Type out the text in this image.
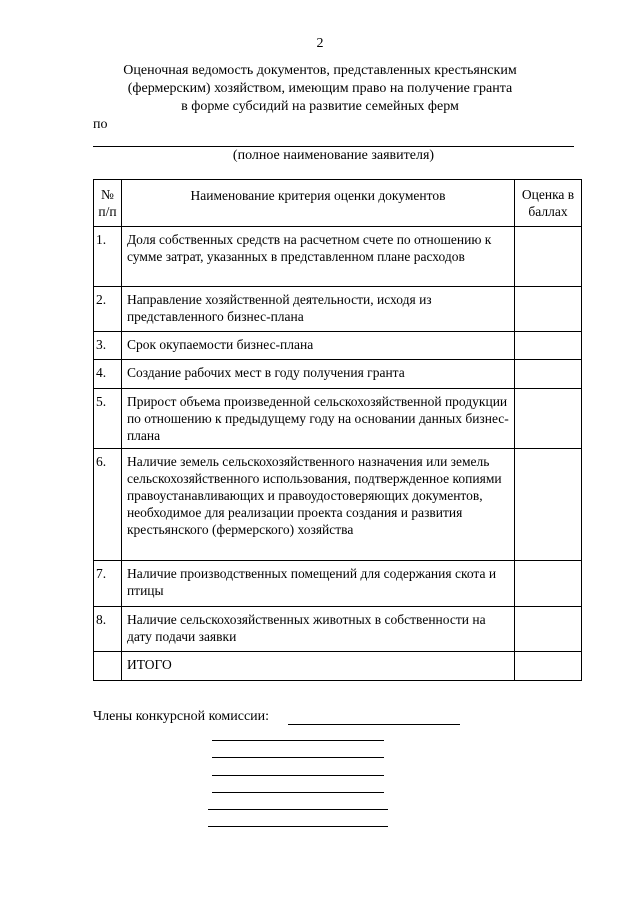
2
Оценочная ведомость документов, представленных крестьянским
(фермерским) хозяйством, имеющим право на получение гранта
в форме субсидий на развитие семейных ферм
по
(полное наименование заявителя)
№ п/п	Наименование критерия оценки документов	Оценка в баллах
1.	Доля собственных средств на расчетном счете по отношению к сумме затрат, указанных в представленном плане расходов	
2.	Направление хозяйственной деятельности, исходя из представленного бизнес-плана	
3.	Срок окупаемости бизнес-плана	
4.	Создание рабочих мест в году получения гранта	
5.	Прирост объема произведенной сельскохозяйственной продукции по отношению к предыдущему году на основании данных бизнес-плана	
6.	Наличие земель сельскохозяйственного назначения или земель сельскохозяйственного использования, подтвержденное копиями правоустанавливающих и правоудостоверяющих документов, необходимое для реализации проекта создания и развития крестьянского (фермерского) хозяйства	
7.	Наличие производственных помещений для содержания скота и птицы	
8.	Наличие сельскохозяйственных животных в собственности на дату подачи заявки	
	ИТОГО	
Члены конкурсной комиссии:
